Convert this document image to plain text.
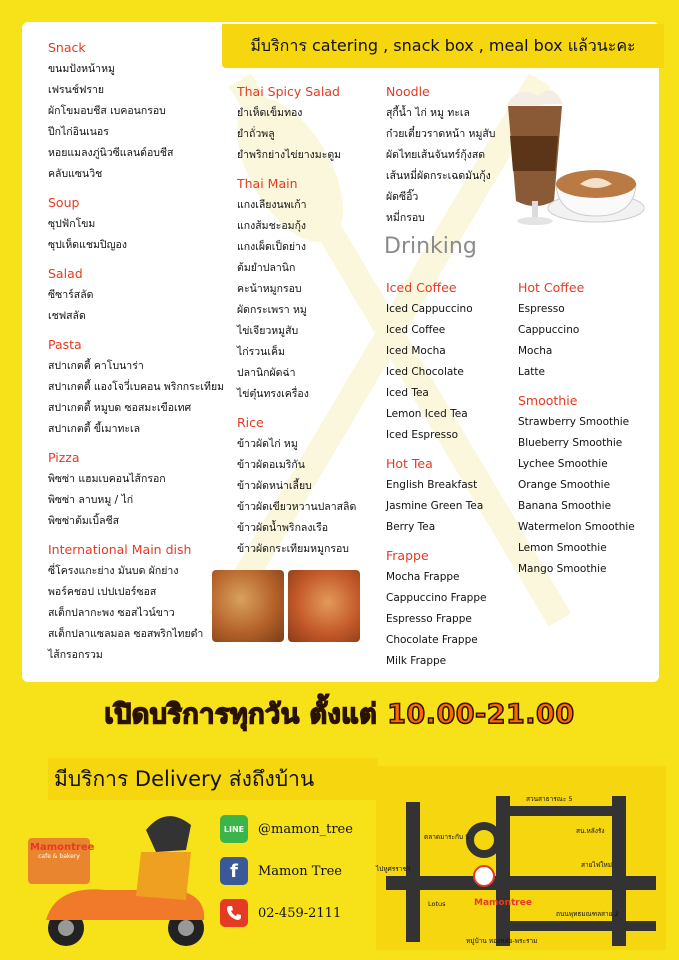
มีบริการ catering , snack box , meal box แล้วนะคะ
Snack
ขนมปังหน้าหมู
เฟรนช์ฟราย
ผักโขมอบชีส เบคอนกรอบ
ปีกไก่อินเนอร
หอยแมลงภู่นิวซีแลนด์อบชีส
คลับแซนวิช
Soup
ซุปฟักโขม
ซุปเห็ดแชมปิญอง
Salad
ซีซาร์สลัด
เชฟสลัด
Pasta
สปาเกตตี้ คาโบนาร่า
สปาเกตตี้ แองโจวี่เบคอน พริกกระเทียม
สปาเกตตี้ หมูบด ซอสมะเขือเทศ
สปาเกตตี้ ขี้เมาทะเล
Pizza
พิซซ่า แฮมเบคอนไส้กรอก
พิซซ่า ลาบหมู / ไก่
พิซซ่าต้มเบิ้ลชีส
International Main dish
ซี่โครงแกะย่าง มันบด ผักย่าง
พอร์คชอป เปปเปอร์ซอส
สเต็กปลากะพง ซอสไวน์ขาว
สเต็กปลาแซลมอล ซอสพริกไทยดำ
ไส้กรอกรวม
Thai Spicy Salad
ยำเห็ดเข็มทอง
ยำถั่วพลู
ยำพริกย่างไข่ยางมะตูม
Thai Main
แกงเลียงนพเก้า
แกงส้มชะอมกุ้ง
แกงเผ็ดเป็ดย่าง
ต้มยำปลานิก
คะน้าหมูกรอบ
ผัดกระเพรา หมู
ไข่เจียวหมูสับ
ไก่รวนเค็ม
ปลานิกผัดฉ่า
ไข่ตุ๋นทรงเครื่อง
Rice
ข้าวผัดไก่ หมู
ข้าวผัดอเมริกัน
ข้าวผัดหน่าเลี้ยบ
ข้าวผัดเขียวหวานปลาสลิด
ข้าวผัดน้ำพริกลงเรือ
ข้าวผัดกระเทียมหมูกรอบ
Noodle
สุกี้น้ำ ไก่ หมู ทะเล
ก๋วยเตี๋ยวราดหน้า หมูสับ
ผัดไทยเส้นจันทร์กุ้งสด
เส้นหมี่ผัดกระเฉดมันกุ้ง
ผัดซีอิ๊ว
หมี่กรอบ
Drinking
Iced Coffee
Iced Cappuccino
Iced Coffee
Iced Mocha
Iced Chocolate
Iced Tea
Lemon Iced Tea
Iced Espresso
Hot Tea
English Breakfast
Jasmine Green Tea
Berry Tea
Frappe
Mocha Frappe
Cappuccino Frappe
Espresso Frappe
Chocolate Frappe
Milk Frappe
Hot Coffee
Espresso
Cappuccino
Mocha
Latte
Smoothie
Strawberry Smoothie
Blueberry Smoothie
Lychee Smoothie
Orange Smoothie
Banana Smoothie
Watermelon Smoothie
Lemon Smoothie
Mango Smoothie
เปิดบริการทุกวัน ตั้งแต่ 10.00-21.00
มีบริการ Delivery ส่งถึงบ้าน
Mamontree
cafe & bakery
LINE @mamon_tree
f	Mamon Tree
02-459-2111
สวนสาธารณะ 5
สน.หลังรัง
สายไฟใหม่
ไปหูศรราชา
ถนนพุทธมณฑลสาย 2
ตลาดมาระกับ 5
Lotus	Mamontree
หมู่บ้าน ทองหล่อ-พระราม
